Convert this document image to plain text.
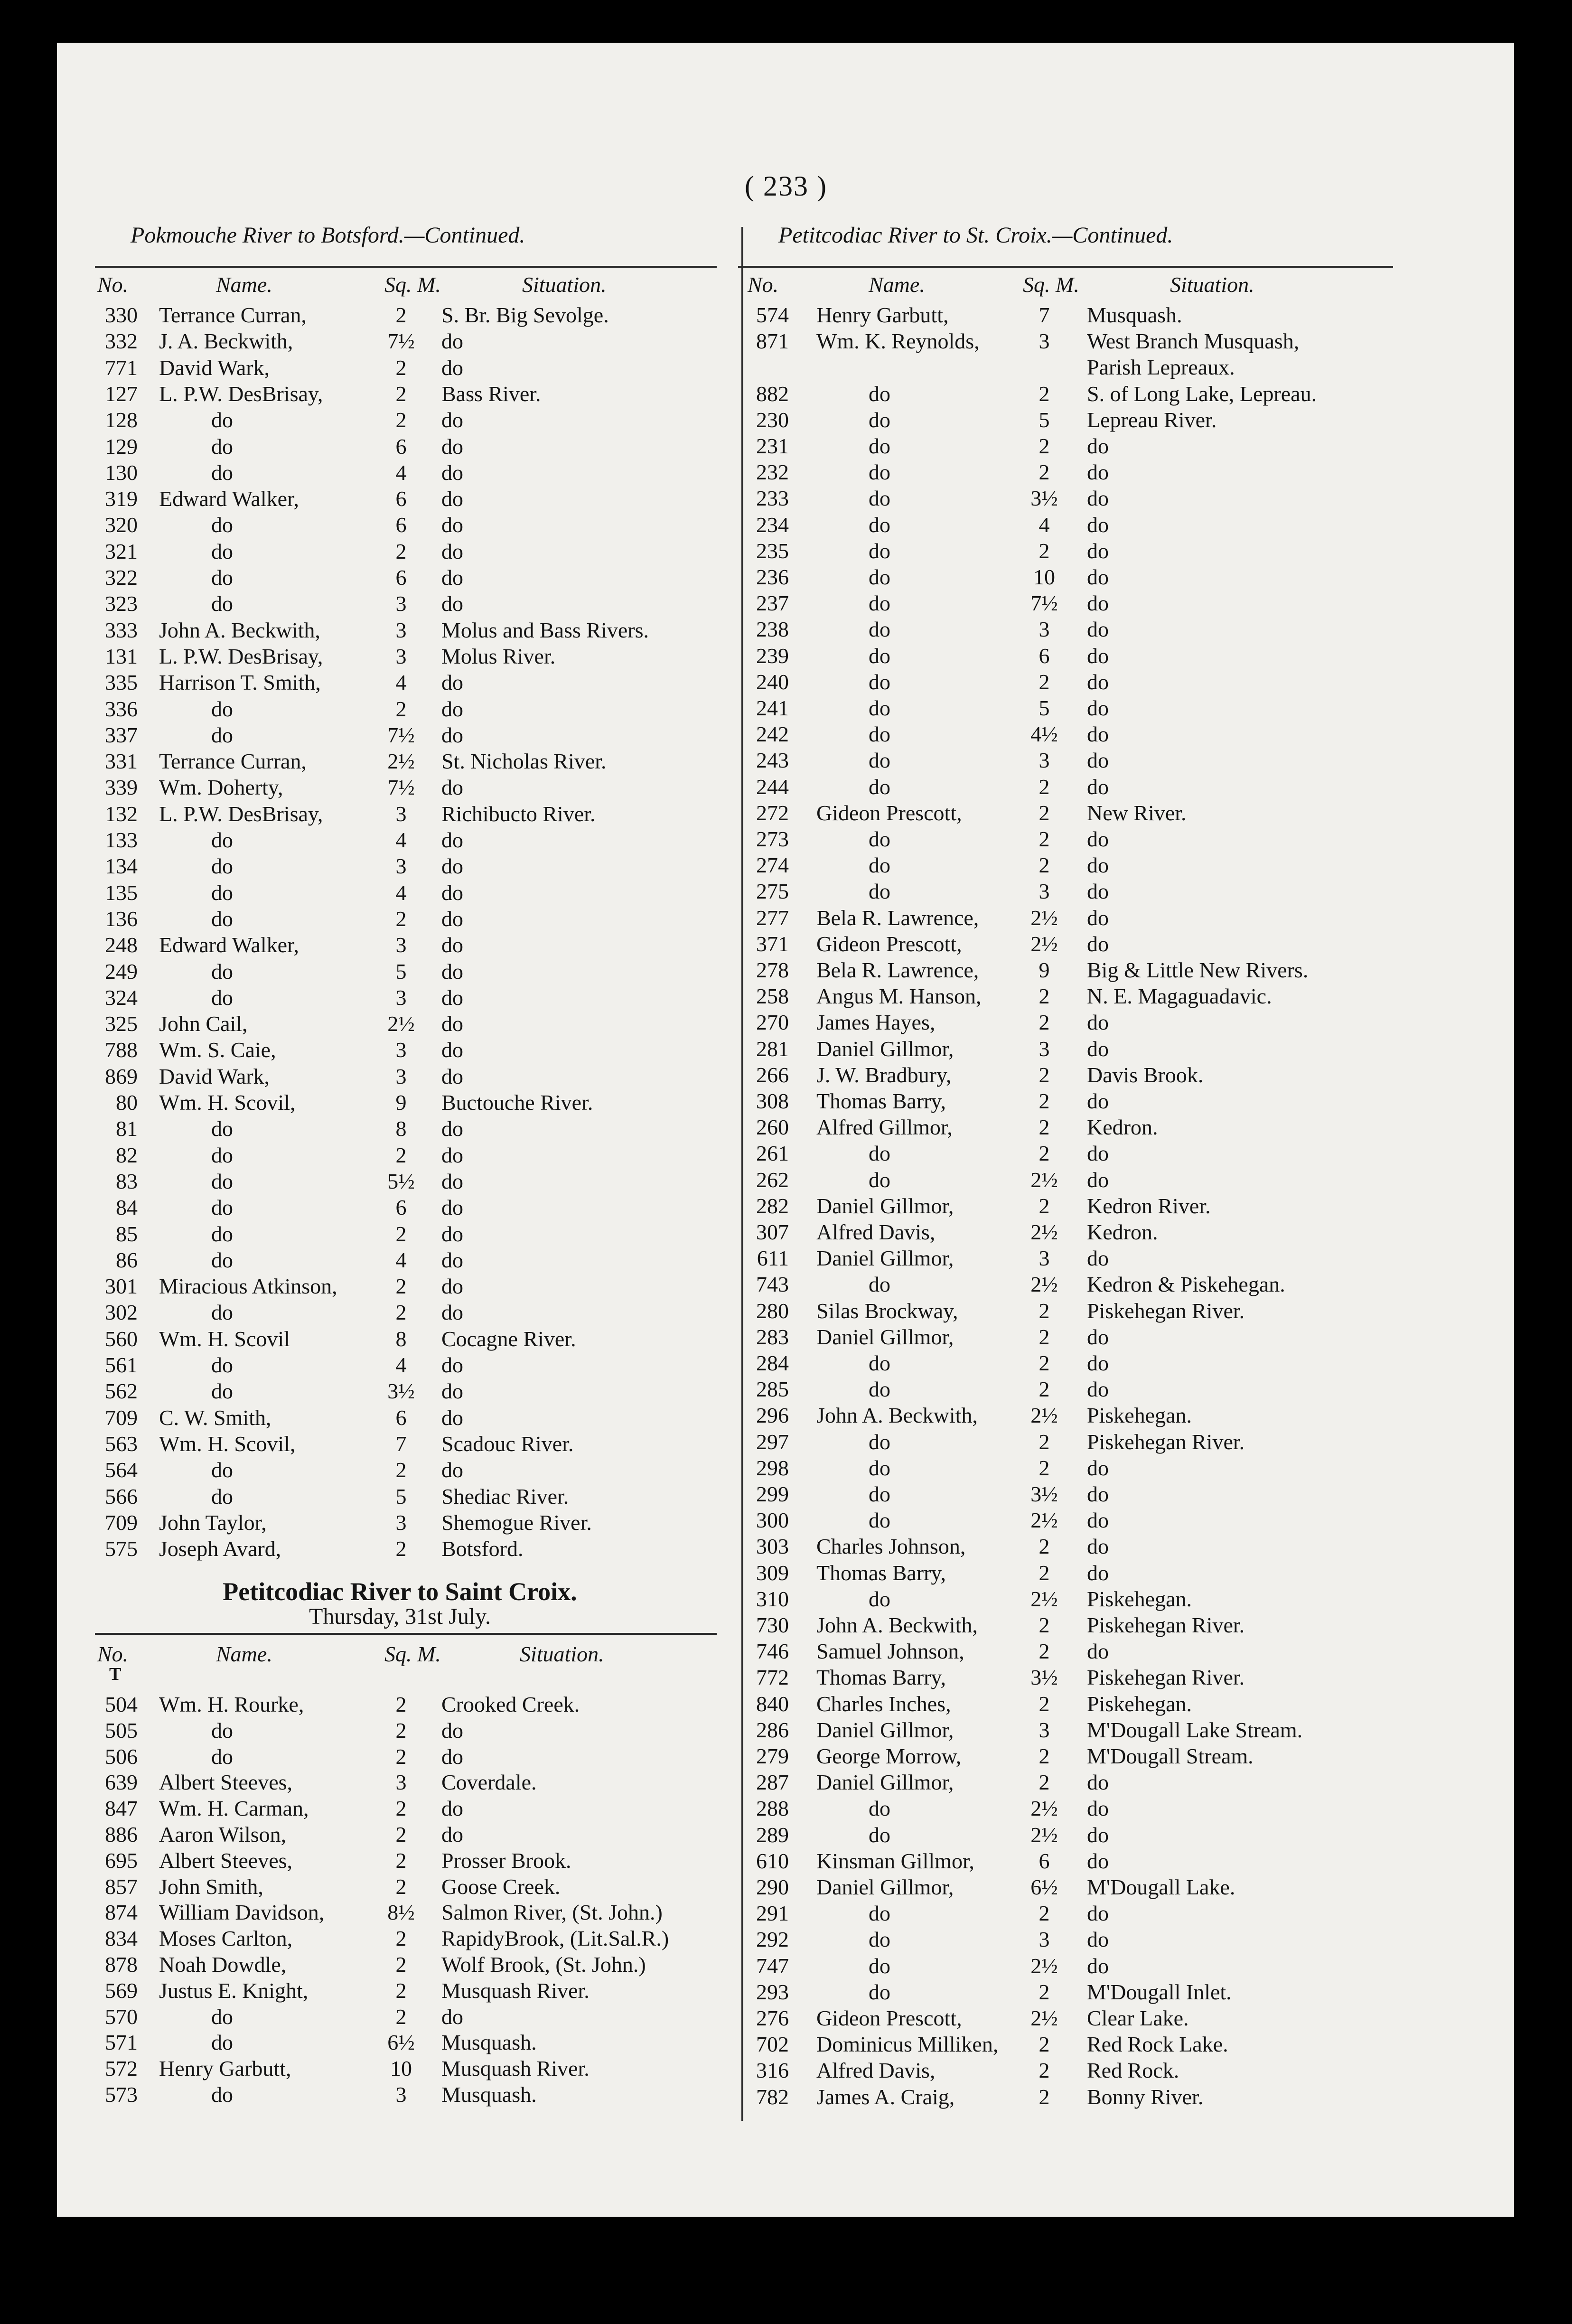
( 233 )
Pokmouche River to Botsford.—Continued.
No.	Name.	Sq. M.	Situation.
330 Terrance Curran,	2	S. Br. Big Sevolge.
332 J. A. Beckwith,	7½	do
771 David Wark,	2	do
127 L. P.W. DesBrisay,	2	Bass River.
128	do	2	do
129	do	6	do
130	do	4	do
319 Edward Walker,	6	do
320	do	6	do
321	do	2	do
322	do	6	do
323	do	3	do
333 John A. Beckwith,	3	Molus and Bass Rivers.
131 L. P.W. DesBrisay,	3	Molus River.
335 Harrison T. Smith,	4	do
336	do	2	do
337	do	7½	do
331 Terrance Curran,	2½	St. Nicholas River.
339 Wm. Doherty,	7½	do
132 L. P.W. DesBrisay,	3	Richibucto River.
133	do	4	do
134	do	3	do
135	do	4	do
136	do	2	do
248 Edward Walker,	3	do
249	do	5	do
324	do	3	do
325 John Cail,	2½	do
788 Wm. S. Caie,	3	do
869 David Wark,	3	do
80 Wm. H. Scovil,	9	Buctouche River.
81	do	8	do
82	do	2	do
83	do	5½	do
84	do	6	do
85	do	2	do
86	do	4	do
301 Miracious Atkinson,	2	do
302	do	2	do
560 Wm. H. Scovil	8	Cocagne River.
561	do	4	do
562	do	3½	do
709 C. W. Smith,	6	do
563 Wm. H. Scovil,	7	Scadouc River.
564	do	2	do
566	do	5	Shediac River.
709 John Taylor,	3	Shemogue River.
575 Joseph Avard,	2	Botsford.
Petitcodiac River to Saint Croix.
Thursday, 31st July.
No.	Name.	Sq. M.	Situation.
T
504 Wm. H. Rourke,	2	Crooked Creek.
505	do	2	do
506	do	2	do
639 Albert Steeves,	3	Coverdale.
847 Wm. H. Carman,	2	do
886 Aaron Wilson,	2	do
695 Albert Steeves,	2	Prosser Brook.
857 John Smith,	2	Goose Creek.
874 William Davidson,	8½	Salmon River, (St. John.)
834 Moses Carlton,	2	RapidyBrook, (Lit.Sal.R.)
878 Noah Dowdle,	2	Wolf Brook, (St. John.)
569 Justus E. Knight,	2	Musquash River.
570	do	2	do
571	do	6½	Musquash.
572 Henry Garbutt,	10	Musquash River.
573	do	3	Musquash.
Petitcodiac River to St. Croix.—Continued.
No.	Name.	Sq. M.	Situation.
574 Henry Garbutt,	7	Musquash.
871 Wm. K. Reynolds,	3	West Branch Musquash,
Parish Lepreaux.
882	do	2	S. of Long Lake, Lepreau.
230	do	5	Lepreau River.
231	do	2	do
232	do	2	do
233	do	3½	do
234	do	4	do
235	do	2	do
236	do	10	do
237	do	7½	do
238	do	3	do
239	do	6	do
240	do	2	do
241	do	5	do
242	do	4½	do
243	do	3	do
244	do	2	do
272 Gideon Prescott,	2	New River.
273	do	2	do
274	do	2	do
275	do	3	do
277 Bela R. Lawrence,	2½	do
371 Gideon Prescott,	2½	do
278 Bela R. Lawrence,	9	Big & Little New Rivers.
258 Angus M. Hanson,	2	N. E. Magaguadavic.
270 James Hayes,	2	do
281 Daniel Gillmor,	3	do
266 J. W. Bradbury,	2	Davis Brook.
308 Thomas Barry,	2	do
260 Alfred Gillmor,	2	Kedron.
261	do	2	do
262	do	2½	do
282 Daniel Gillmor,	2	Kedron River.
307 Alfred Davis,	2½	Kedron.
611 Daniel Gillmor,	3	do
743	do	2½	Kedron & Piskehegan.
280 Silas Brockway,	2	Piskehegan River.
283 Daniel Gillmor,	2	do
284	do	2	do
285	do	2	do
296 John A. Beckwith,	2½	Piskehegan.
297	do	2	Piskehegan River.
298	do	2	do
299	do	3½	do
300	do	2½	do
303 Charles Johnson,	2	do
309 Thomas Barry,	2	do
310	do	2½	Piskehegan.
730 John A. Beckwith,	2	Piskehegan River.
746 Samuel Johnson,	2	do
772 Thomas Barry,	3½	Piskehegan River.
840 Charles Inches,	2	Piskehegan.
286 Daniel Gillmor,	3	M'Dougall Lake Stream.
279 George Morrow,	2	M'Dougall Stream.
287 Daniel Gillmor,	2	do
288	do	2½	do
289	do	2½	do
610 Kinsman Gillmor,	6	do
290 Daniel Gillmor,	6½	M'Dougall Lake.
291	do	2	do
292	do	3	do
747	do	2½	do
293	do	2	M'Dougall Inlet.
276 Gideon Prescott,	2½	Clear Lake.
702 Dominicus Milliken,	2	Red Rock Lake.
316 Alfred Davis,	2	Red Rock.
782 James A. Craig,	2	Bonny River.
